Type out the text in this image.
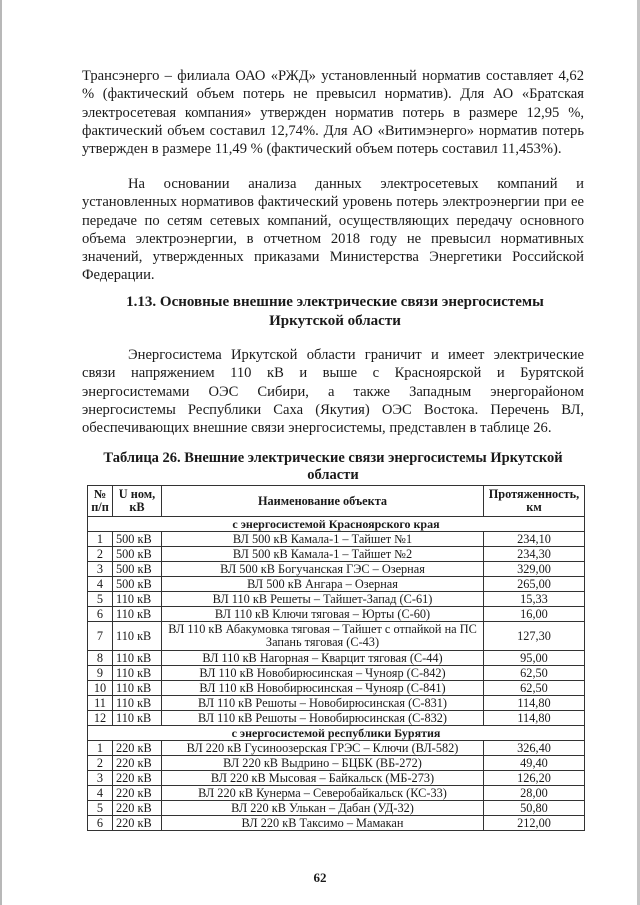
Трансэнерго – филиала ОАО «РЖД» установленный норматив составляет 4,62 % (фактический объем потерь не превысил норматив). Для АО «Братская электросетевая компания» утвержден норматив потерь в размере 12,95 %, фактический объем составил 12,74%. Для АО «Витимэнерго» норматив потерь утвержден в размере 11,49 % (фактический объем потерь составил 11,453%).

На основании анализа данных электросетевых компаний и установленных нормативов фактический уровень потерь электроэнергии при ее передаче по сетям сетевых компаний, осуществляющих передачу основного объема электроэнергии, в отчетном 2018 году не превысил нормативных значений, утвержденных приказами Министерства Энергетики Российской Федерации.

1.13. Основные внешние электрические связи энергосистемы
Иркутской области

Энергосистема Иркутской области граничит и имеет электрические связи напряжением 110 кВ и выше с Красноярской и Бурятской энергосистемами ОЭС Сибири, а также Западным энергорайоном энергосистемы Республики Саха (Якутия) ОЭС Востока. Перечень ВЛ, обеспечивающих внешние связи энергосистемы, представлен в таблице 26.

Таблица 26. Внешние электрические связи энергосистемы Иркутской
области
№ п/п	U ном, кВ	Наименование объекта	Протяженность, км
с энергосистемой Красноярского края			
1	500 кВ	ВЛ 500 кВ Камала-1 – Тайшет №1	234,10
2	500 кВ	ВЛ 500 кВ Камала-1 – Тайшет №2	234,30
3	500 кВ	ВЛ 500 кВ Богучанская ГЭС – Озерная	329,00
4	500 кВ	ВЛ 500 кВ Ангара – Озерная	265,00
5	110 кВ	ВЛ 110 кВ Решеты – Тайшет-Запад (С-61)	15,33
6	110 кВ	ВЛ 110 кВ Ключи тяговая – Юрты (С-60)	16,00
7	110 кВ	ВЛ 110 кВ Абакумовка тяговая – Тайшет с отпайкой на ПС Запань тяговая (С-43)	127,30
8	110 кВ	ВЛ 110 кВ Нагорная – Кварцит тяговая (С-44)	95,00
9	110 кВ	ВЛ 110 кВ Новобирюсинская – Чунояр (С-842)	62,50
10	110 кВ	ВЛ 110 кВ Новобирюсинская – Чунояр (С-841)	62,50
11	110 кВ	ВЛ 110 кВ Решоты – Новобирюсинская (С-831)	114,80
12	110 кВ	ВЛ 110 кВ Решоты – Новобирюсинская (С-832)	114,80
с энергосистемой республики Бурятия			
1	220 кВ	ВЛ 220 кВ Гусиноозерская ГРЭС – Ключи (ВЛ-582)	326,40
2	220 кВ	ВЛ 220 кВ Выдрино – БЦБК (ВБ-272)	49,40
3	220 кВ	ВЛ 220 кВ Мысовая – Байкальск (МБ-273)	126,20
4	220 кВ	ВЛ 220 кВ Кунерма – Северобайкальск (КС-33)	28,00
5	220 кВ	ВЛ 220 кВ Улькан – Дабан (УД-32)	50,80
6	220 кВ	ВЛ 220 кВ Таксимо – Мамакан	212,00
62
